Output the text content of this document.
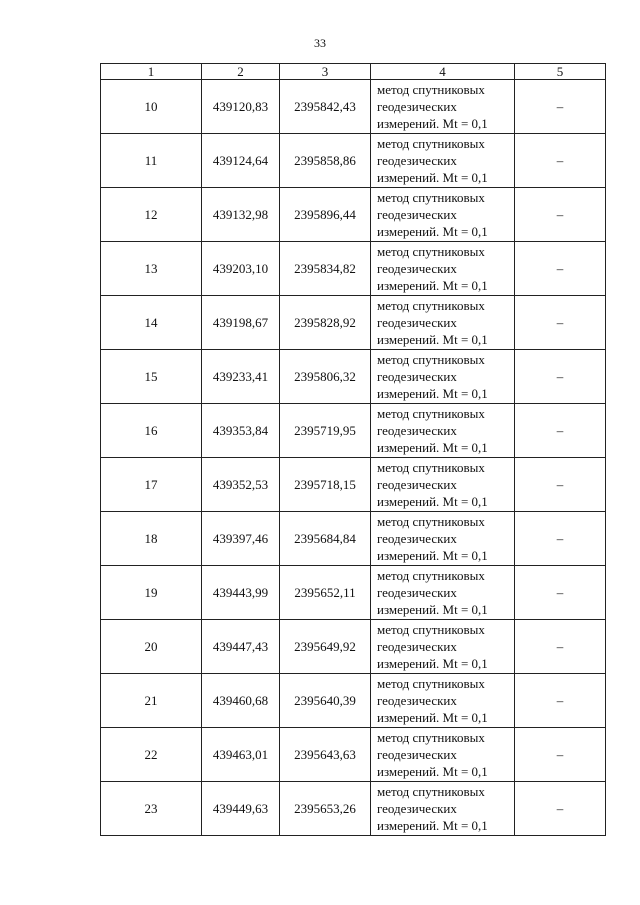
33
1	2	3	4	5
10	439120,83	2395842,43	метод спутниковых
геодезических
измерений. Mt = 0,1	–
11	439124,64	2395858,86	метод спутниковых
геодезических
измерений. Mt = 0,1	–
12	439132,98	2395896,44	метод спутниковых
геодезических
измерений. Mt = 0,1	–
13	439203,10	2395834,82	метод спутниковых
геодезических
измерений. Mt = 0,1	–
14	439198,67	2395828,92	метод спутниковых
геодезических
измерений. Mt = 0,1	–
15	439233,41	2395806,32	метод спутниковых
геодезических
измерений. Mt = 0,1	–
16	439353,84	2395719,95	метод спутниковых
геодезических
измерений. Mt = 0,1	–
17	439352,53	2395718,15	метод спутниковых
геодезических
измерений. Mt = 0,1	–
18	439397,46	2395684,84	метод спутниковых
геодезических
измерений. Mt = 0,1	–
19	439443,99	2395652,11	метод спутниковых
геодезических
измерений. Mt = 0,1	–
20	439447,43	2395649,92	метод спутниковых
геодезических
измерений. Mt = 0,1	–
21	439460,68	2395640,39	метод спутниковых
геодезических
измерений. Mt = 0,1	–
22	439463,01	2395643,63	метод спутниковых
геодезических
измерений. Mt = 0,1	–
23	439449,63	2395653,26	метод спутниковых
геодезических
измерений. Mt = 0,1	–
